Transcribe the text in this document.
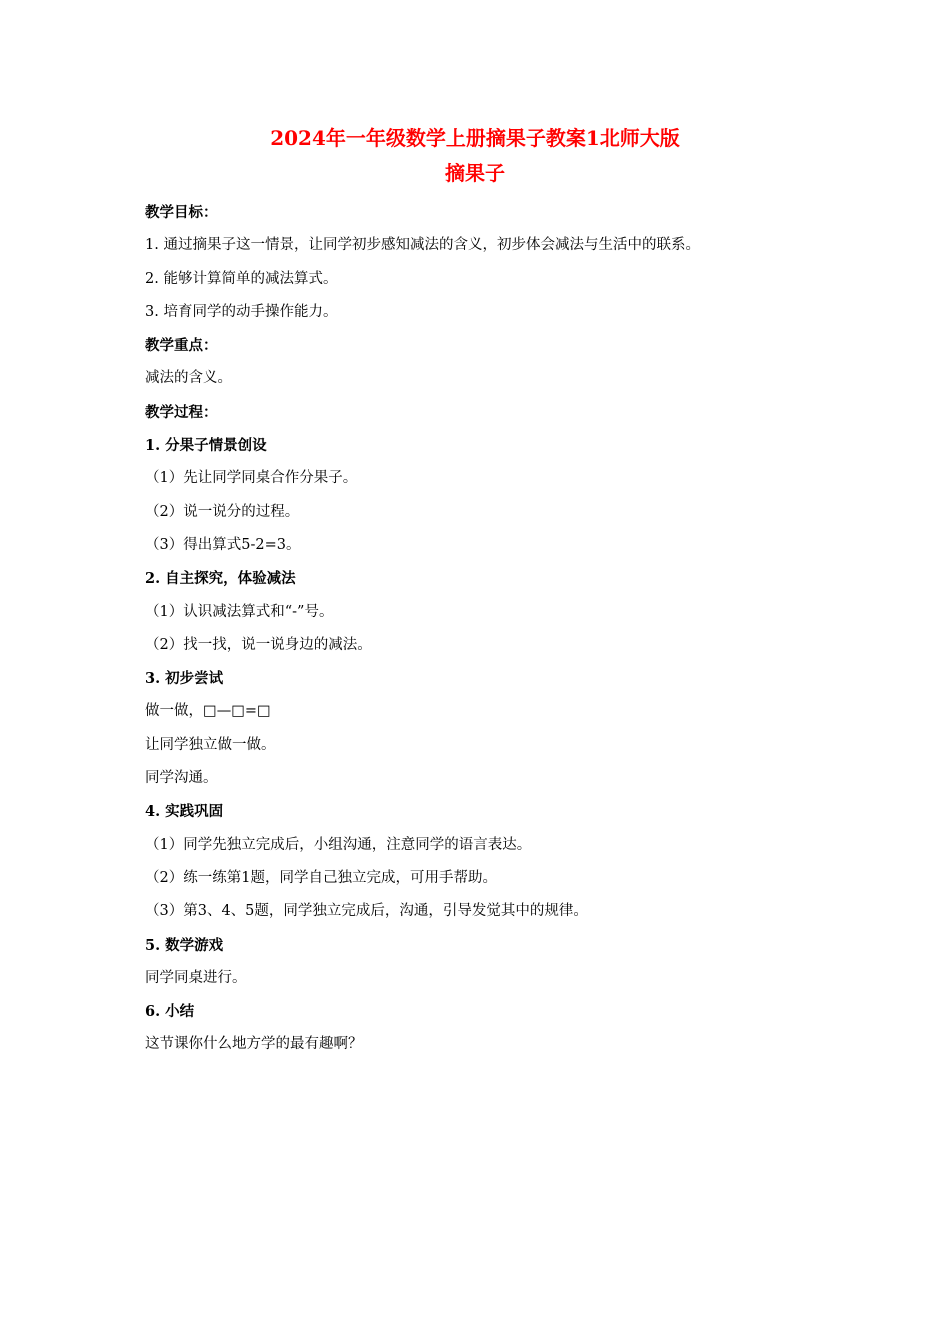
2024年一年级数学上册摘果子教案1北师大版
摘果子
教学目标：
1. 通过摘果子这一情景，让同学初步感知减法的含义，初步体会减法与生活中的联系。
2. 能够计算简单的减法算式。
3. 培育同学的动手操作能力。
教学重点：
减法的含义。
教学过程：
1. 分果子情景创设
（1）先让同学同桌合作分果子。
（2）说一说分的过程。
（3）得出算式5-2=3。
2. 自主探究，体验减法
（1）认识减法算式和“-”号。
（2）找一找，说一说身边的减法。
3. 初步尝试
做一做，□—□=□
让同学独立做一做。
同学沟通。
4. 实践巩固
（1）同学先独立完成后，小组沟通，注意同学的语言表达。
（2）练一练第1题，同学自己独立完成，可用手帮助。
（3）第3、4、5题，同学独立完成后，沟通，引导发觉其中的规律。
5. 数学游戏
同学同桌进行。
6. 小结
这节课你什么地方学的最有趣啊？
